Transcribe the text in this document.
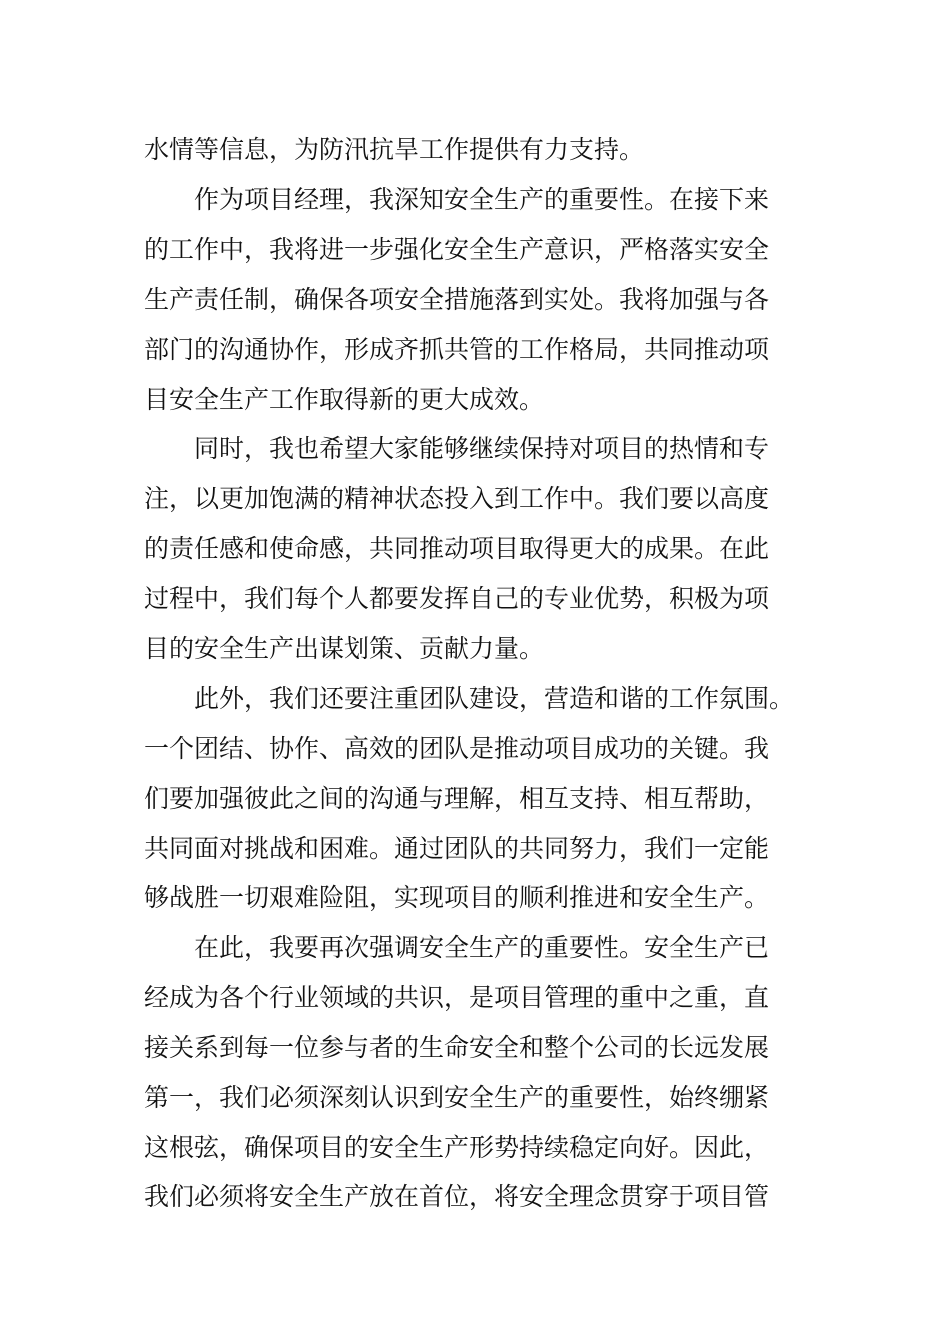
水情等信息，为防汛抗旱工作提供有力支持。
作为项目经理，我深知安全生产的重要性。在接下来
的工作中，我将进一步强化安全生产意识，严格落实安全
生产责任制，确保各项安全措施落到实处。我将加强与各
部门的沟通协作，形成齐抓共管的工作格局，共同推动项
目安全生产工作取得新的更大成效。
同时，我也希望大家能够继续保持对项目的热情和专
注，以更加饱满的精神状态投入到工作中。我们要以高度
的责任感和使命感，共同推动项目取得更大的成果。在此
过程中，我们每个人都要发挥自己的专业优势，积极为项
目的安全生产出谋划策、贡献力量。
此外，我们还要注重团队建设，营造和谐的工作氛围。
一个团结、协作、高效的团队是推动项目成功的关键。我
们要加强彼此之间的沟通与理解，相互支持、相互帮助，
共同面对挑战和困难。通过团队的共同努力，我们一定能
够战胜一切艰难险阻，实现项目的顺利推进和安全生产。
在此，我要再次强调安全生产的重要性。安全生产已
经成为各个行业领域的共识，是项目管理的重中之重，直
接关系到每一位参与者的生命安全和整个公司的长远发展
第一，我们必须深刻认识到安全生产的重要性，始终绷紧
这根弦，确保项目的安全生产形势持续稳定向好。因此，
我们必须将安全生产放在首位，将安全理念贯穿于项目管
